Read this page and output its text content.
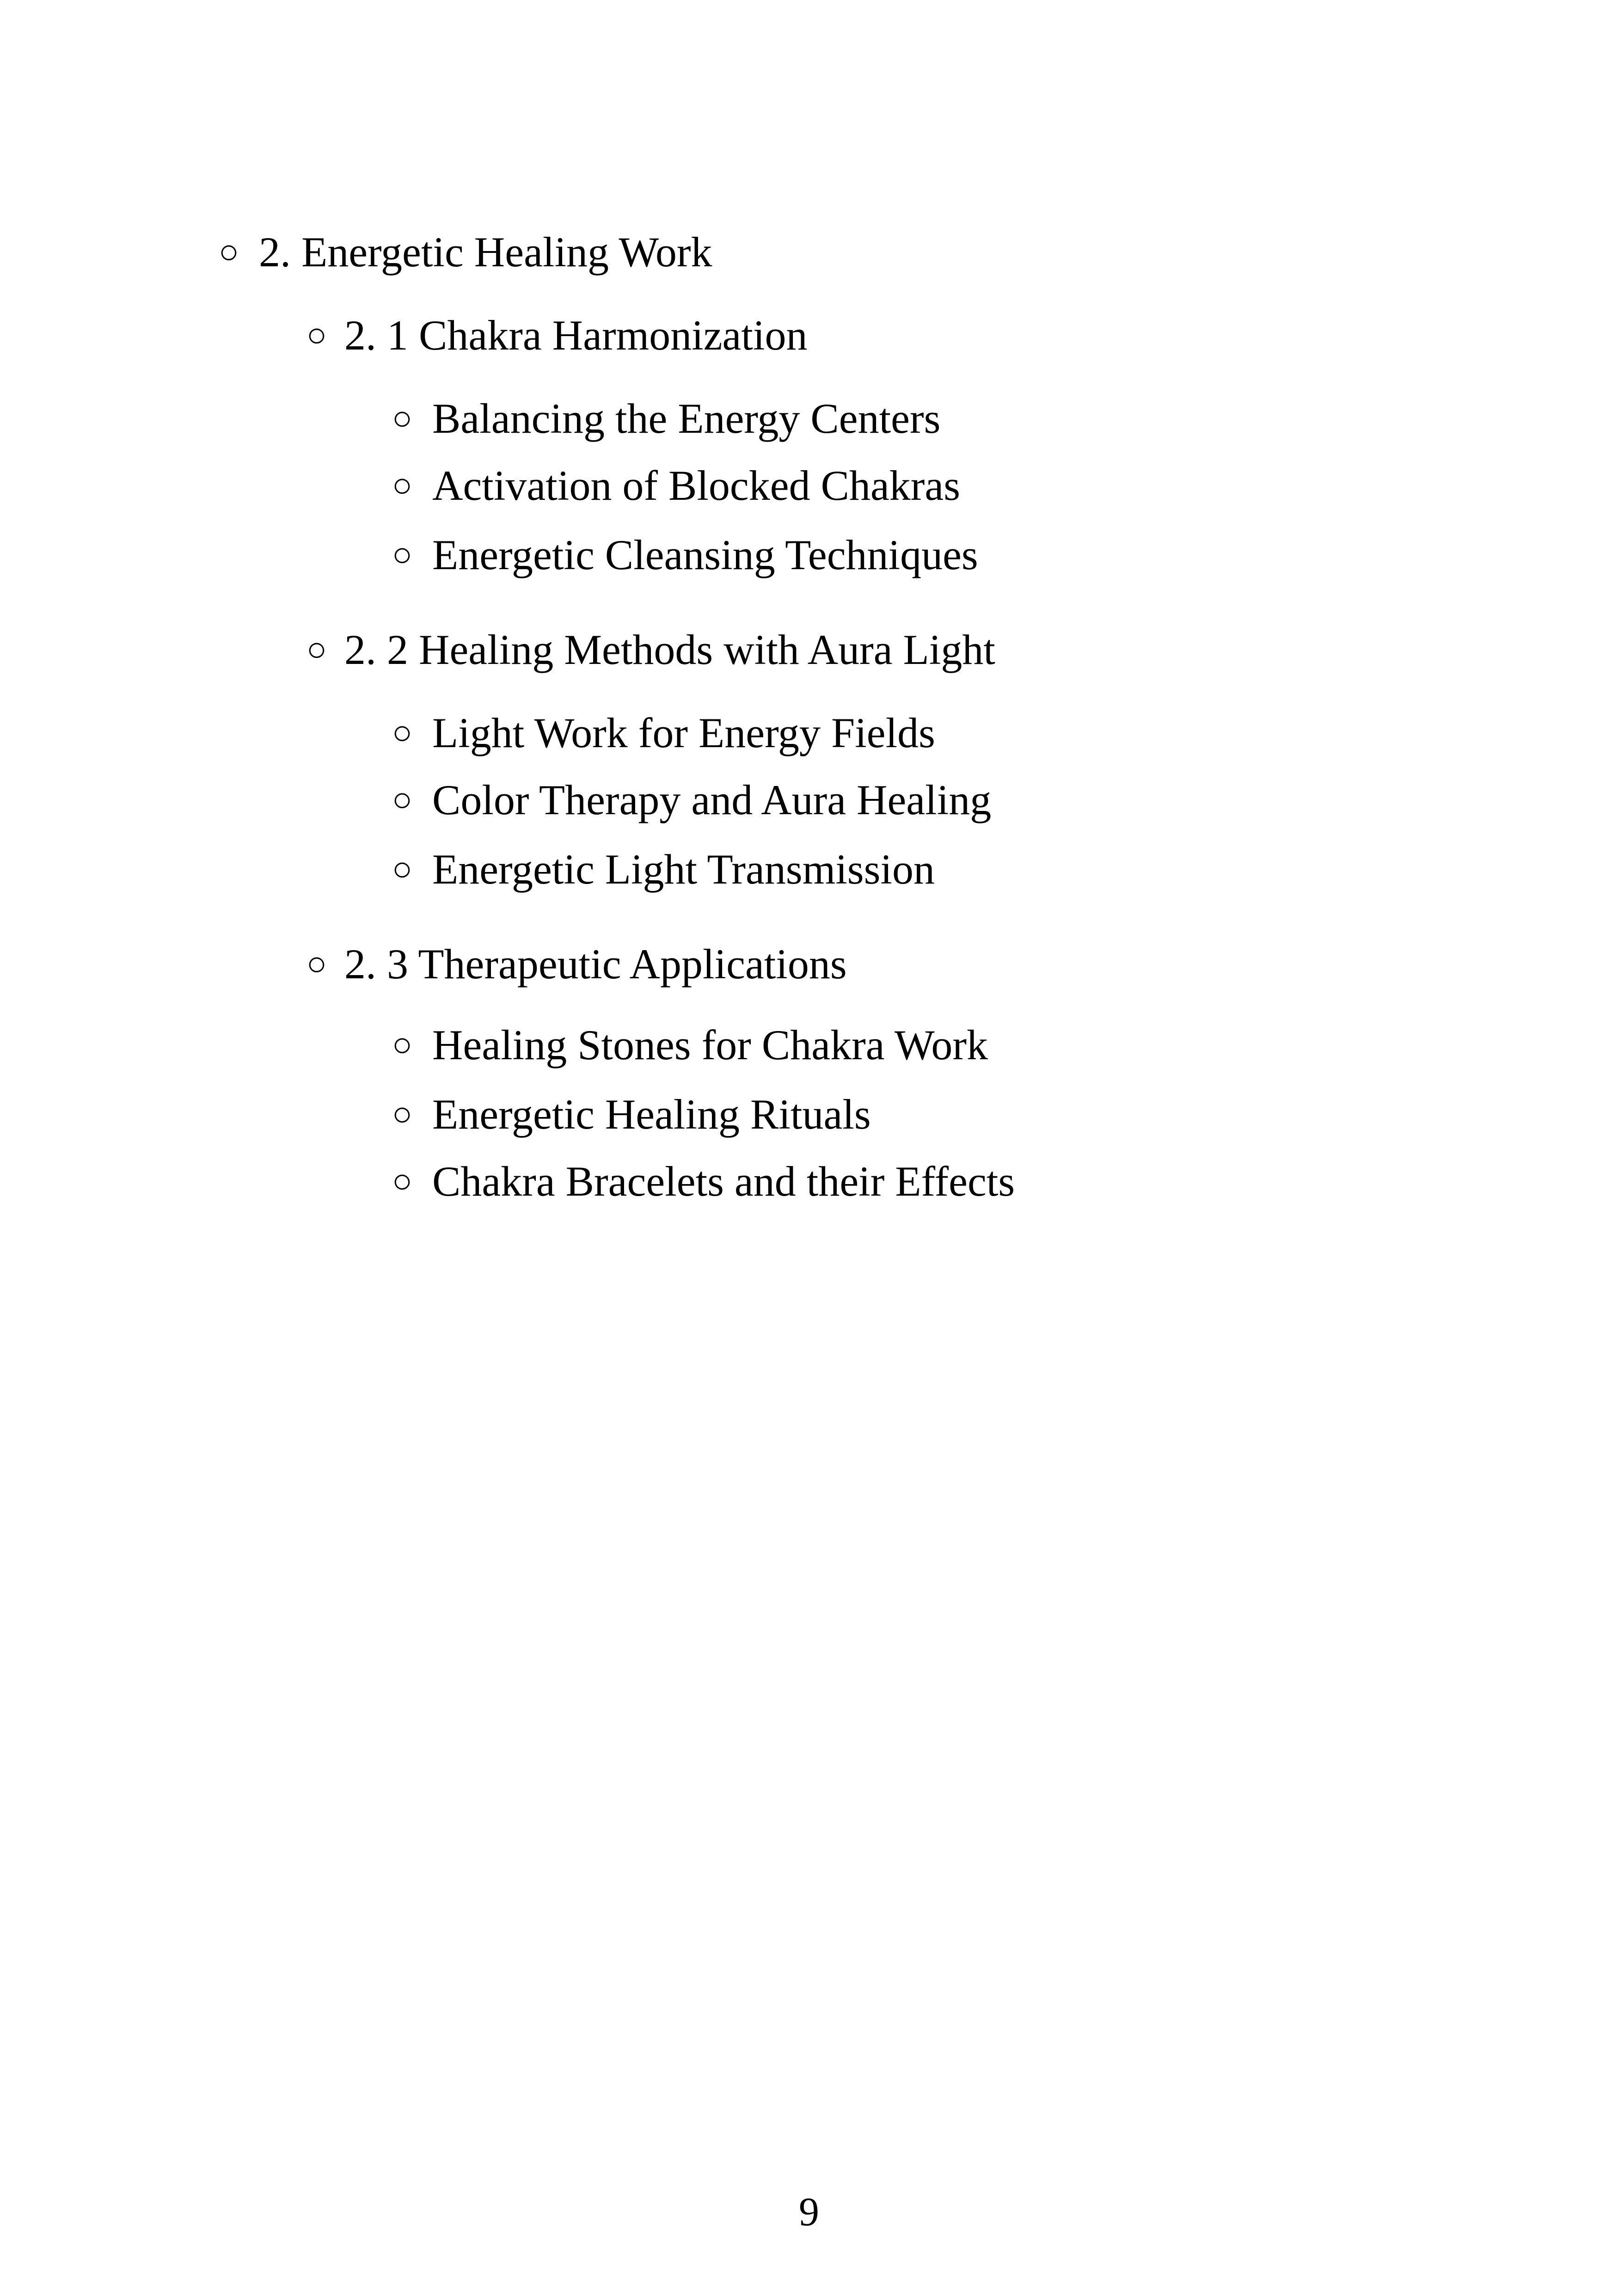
○ 2. Energetic Healing Work
○ 2. 1 Chakra Harmonization
○ Balancing the Energy Centers
○ Activation of Blocked Chakras
○ Energetic Cleansing Techniques
○ 2. 2 Healing Methods with Aura Light
○ Light Work for Energy Fields
○ Color Therapy and Aura Healing
○ Energetic Light Transmission
○ 2. 3 Therapeutic Applications
○ Healing Stones for Chakra Work
○ Energetic Healing Rituals
○ Chakra Bracelets and their Effects
9
